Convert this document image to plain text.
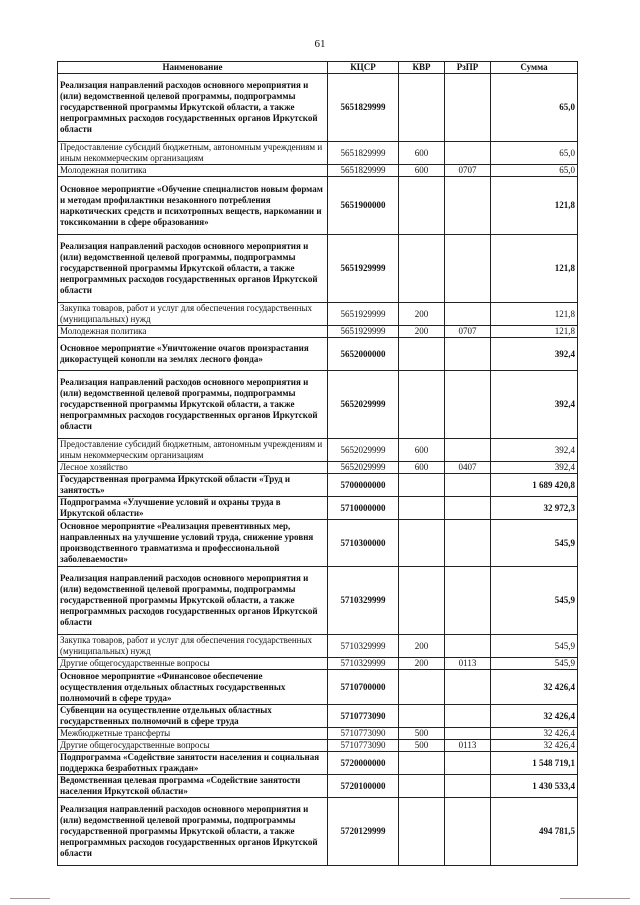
61
Наименование	КЦСР	КВР	РзПР	Сумма
Реализация направлений расходов основного мероприятия и (или) ведомственной целевой программы, подпрограммы государственной программы Иркутской области, а также непрограммных расходов государственных органов Иркутской области	5651829999			65,0
Предоставление субсидий бюджетным, автономным учреждениям и иным некоммерческим организациям	5651829999	600		65,0
Молодежная политика	5651829999	600	0707	65,0
Основное мероприятие «Обучение специалистов новым формам и методам профилактики незаконного потребления наркотических средств и психотропных веществ, наркомании и токсикомании в сфере образования»	5651900000			121,8
Реализация направлений расходов основного мероприятия и (или) ведомственной целевой программы, подпрограммы государственной программы Иркутской области, а также непрограммных расходов государственных органов Иркутской области	5651929999			121,8
Закупка товаров, работ и услуг для обеспечения государственных (муниципальных) нужд	5651929999	200		121,8
Молодежная политика	5651929999	200	0707	121,8
Основное мероприятие «Уничтожение очагов произрастания дикорастущей конопли на землях лесного фонда»	5652000000			392,4
Реализация направлений расходов основного мероприятия и (или) ведомственной целевой программы, подпрограммы государственной программы Иркутской области, а также непрограммных расходов государственных органов Иркутской области	5652029999			392,4
Предоставление субсидий бюджетным, автономным учреждениям и иным некоммерческим организациям	5652029999	600		392,4
Лесное хозяйство	5652029999	600	0407	392,4
Государственная программа Иркутской области «Труд и занятость»	5700000000			1 689 420,8
Подпрограмма «Улучшение условий и охраны труда в Иркутской области»	5710000000			32 972,3
Основное мероприятие «Реализация превентивных мер, направленных на улучшение условий труда, снижение уровня производственного травматизма и профессиональной заболеваемости»	5710300000			545,9
Реализация направлений расходов основного мероприятия и (или) ведомственной целевой программы, подпрограммы государственной программы Иркутской области, а также непрограммных расходов государственных органов Иркутской области	5710329999			545,9
Закупка товаров, работ и услуг для обеспечения государственных (муниципальных) нужд	5710329999	200		545,9
Другие общегосударственные вопросы	5710329999	200	0113	545,9
Основное мероприятие «Финансовое обеспечение осуществления отдельных областных государственных полномочий в сфере труда»	5710700000			32 426,4
Субвенции на осуществление отдельных областных государственных полномочий в сфере труда	5710773090			32 426,4
Межбюджетные трансферты	5710773090	500		32 426,4
Другие общегосударственные вопросы	5710773090	500	0113	32 426,4
Подпрограмма «Содействие занятости населения и социальная поддержка безработных граждан»	5720000000			1 548 719,1
Ведомственная целевая программа «Содействие занятости населения Иркутской области»	5720100000			1 430 533,4
Реализация направлений расходов основного мероприятия и (или) ведомственной целевой программы, подпрограммы государственной программы Иркутской области, а также непрограммных расходов государственных органов Иркутской области	5720129999			494 781,5
